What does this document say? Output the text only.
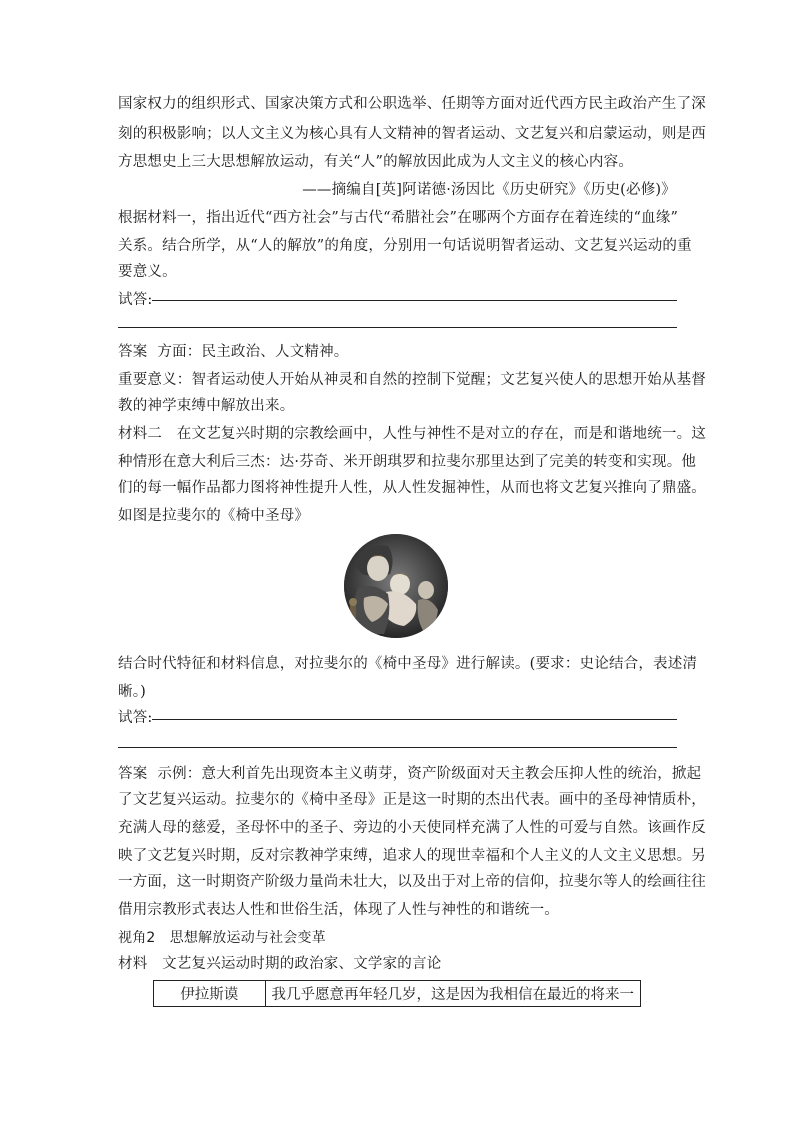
国家权力的组织形式、国家决策方式和公职选举、任期等方面对近代西方民主政治产生了深
刻的积极影响；以人文主义为核心具有人文精神的智者运动、文艺复兴和启蒙运动，则是西
方思想史上三大思想解放运动，有关“人”的解放因此成为人文主义的核心内容。
——摘编自[英]阿诺德·汤因比《历史研究》《历史(必修)》
根据材料一，指出近代“西方社会”与古代“希腊社会”在哪两个方面存在着连续的“血缘”
关系。结合所学，从“人的解放”的角度，分别用一句话说明智者运动、文艺复兴运动的重
要意义。
试答:
答案 方面：民主政治、人文精神。
重要意义：智者运动使人开始从神灵和自然的控制下觉醒；文艺复兴使人的思想开始从基督
教的神学束缚中解放出来。
材料二　在文艺复兴时期的宗教绘画中，人性与神性不是对立的存在，而是和谐地统一。这
种情形在意大利后三杰：达·芬奇、米开朗琪罗和拉斐尔那里达到了完美的转变和实现。他
们的每一幅作品都力图将神性提升人性，从人性发掘神性，从而也将文艺复兴推向了鼎盛。
如图是拉斐尔的《椅中圣母》
结合时代特征和材料信息，对拉斐尔的《椅中圣母》进行解读。(要求：史论结合，表述清
晰。)
试答:
答案 示例：意大利首先出现资本主义萌芽，资产阶级面对天主教会压抑人性的统治，掀起
了文艺复兴运动。拉斐尔的《椅中圣母》正是这一时期的杰出代表。画中的圣母神情质朴，
充满人母的慈爱，圣母怀中的圣子、旁边的小天使同样充满了人性的可爱与自然。该画作反
映了文艺复兴时期，反对宗教神学束缚，追求人的现世幸福和个人主义的人文主义思想。另
一方面，这一时期资产阶级力量尚未壮大，以及出于对上帝的信仰，拉斐尔等人的绘画往往
借用宗教形式表达人性和世俗生活，体现了人性与神性的和谐统一。
视角2　思想解放运动与社会变革
材料　文艺复兴运动时期的政治家、文学家的言论
伊拉斯谟	我几乎愿意再年轻几岁，这是因为我相信在最近的将来一
